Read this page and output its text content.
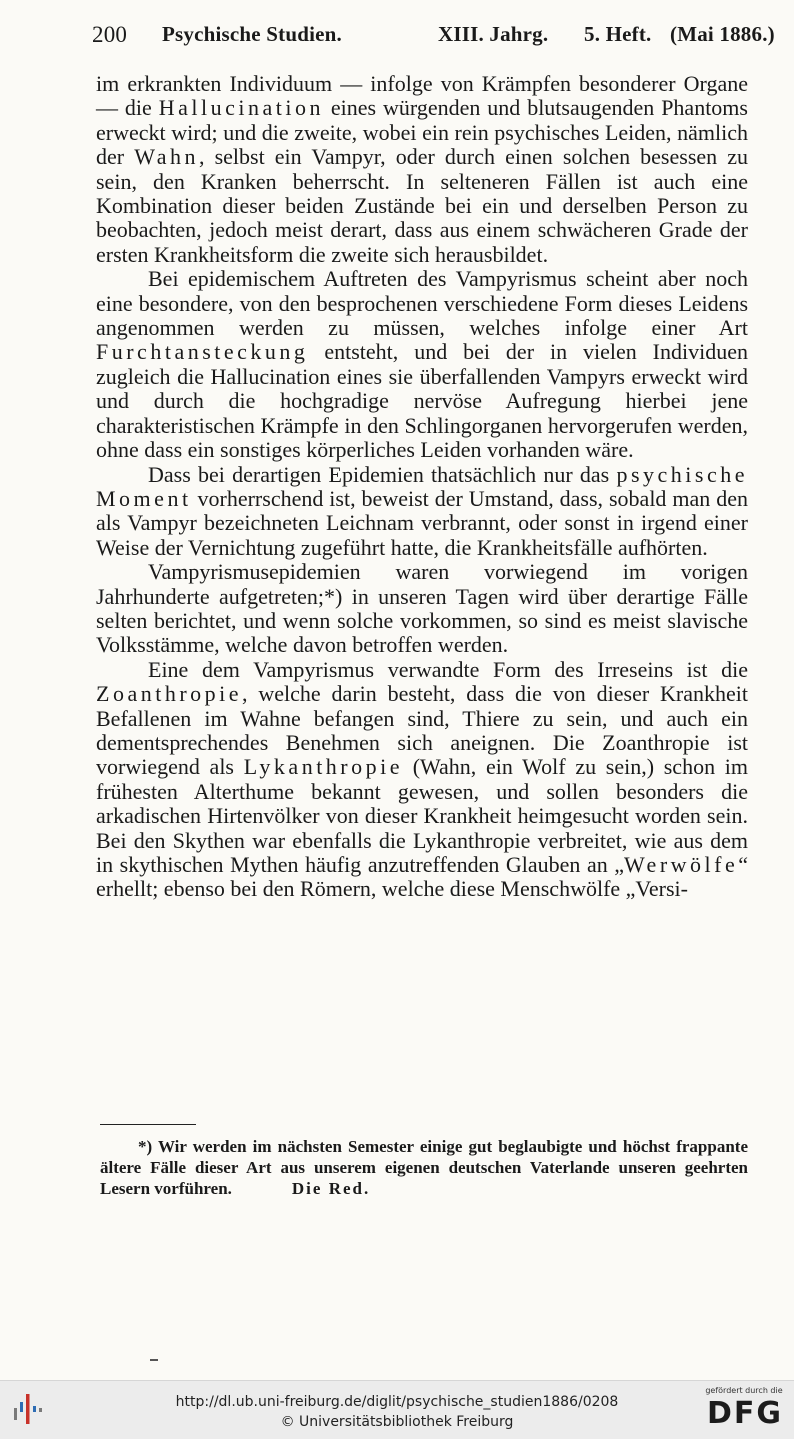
200 Psychische Studien.	XIII. Jahrg. 5. Heft. (Mai 1886.)

im erkrankten Individuum — infolge von Krämpfen besonderer Organe — die Hallucination eines würgenden und blutsaugenden Phantoms erweckt wird; und die zweite, wobei ein rein psychisches Leiden, nämlich der Wahn, selbst ein Vampyr, oder durch einen solchen besessen zu sein, den Kranken beherrscht. In selteneren Fällen ist auch eine Kombination dieser beiden Zustände bei ein und derselben Person zu beobachten, jedoch meist derart, dass aus einem schwächeren Grade der ersten Krankheitsform die zweite sich herausbildet.

Bei epidemischem Auftreten des Vampyrismus scheint aber noch eine besondere, von den besprochenen verschiedene Form dieses Leidens angenommen werden zu müssen, welches infolge einer Art Furchtansteckung entsteht, und bei der in vielen Individuen zugleich die Hallucination eines sie überfallenden Vampyrs erweckt wird und durch die hochgradige nervöse Aufregung hierbei jene charakteristischen Krämpfe in den Schlingorganen hervorgerufen werden, ohne dass ein sonstiges körperliches Leiden vorhanden wäre.

Dass bei derartigen Epidemien thatsächlich nur das psychische Moment vorherrschend ist, beweist der Umstand, dass, sobald man den als Vampyr bezeichneten Leichnam verbrannt, oder sonst in irgend einer Weise der Vernichtung zugeführt hatte, die Krankheitsfälle aufhörten.

Vampyrismusepidemien waren vorwiegend im vorigen Jahrhunderte aufgetreten;*) in unseren Tagen wird über derartige Fälle selten berichtet, und wenn solche vorkommen, so sind es meist slavische Volksstämme, welche davon betroffen werden.

Eine dem Vampyrismus verwandte Form des Irreseins ist die Zoanthropie, welche darin besteht, dass die von dieser Krankheit Befallenen im Wahne befangen sind, Thiere zu sein, und auch ein dementsprechendes Benehmen sich aneignen. Die Zoanthropie ist vorwiegend als Lykanthropie (Wahn, ein Wolf zu sein,) schon im frühesten Alterthume bekannt gewesen, und sollen besonders die arkadischen Hirtenvölker von dieser Krankheit heimgesucht worden sein. Bei den Skythen war ebenfalls die Lykanthropie verbreitet, wie aus dem in skythischen Mythen häufig anzutreffenden Glauben an „Werwölfe“ erhellt; ebenso bei den Römern, welche diese Menschwölfe „Versi-

*) Wir werden im nächsten Semester einige gut beglaubigte und höchst frappante ältere Fälle dieser Art aus unserem eigenen deutschen Vaterlande unseren geehrten Lesern vorführen.	Die Red.

http://dl.ub.uni-freiburg.de/diglit/psychische_studien1886/0208
© Universitätsbibliothek Freiburg
gefördert durch die
DFG
